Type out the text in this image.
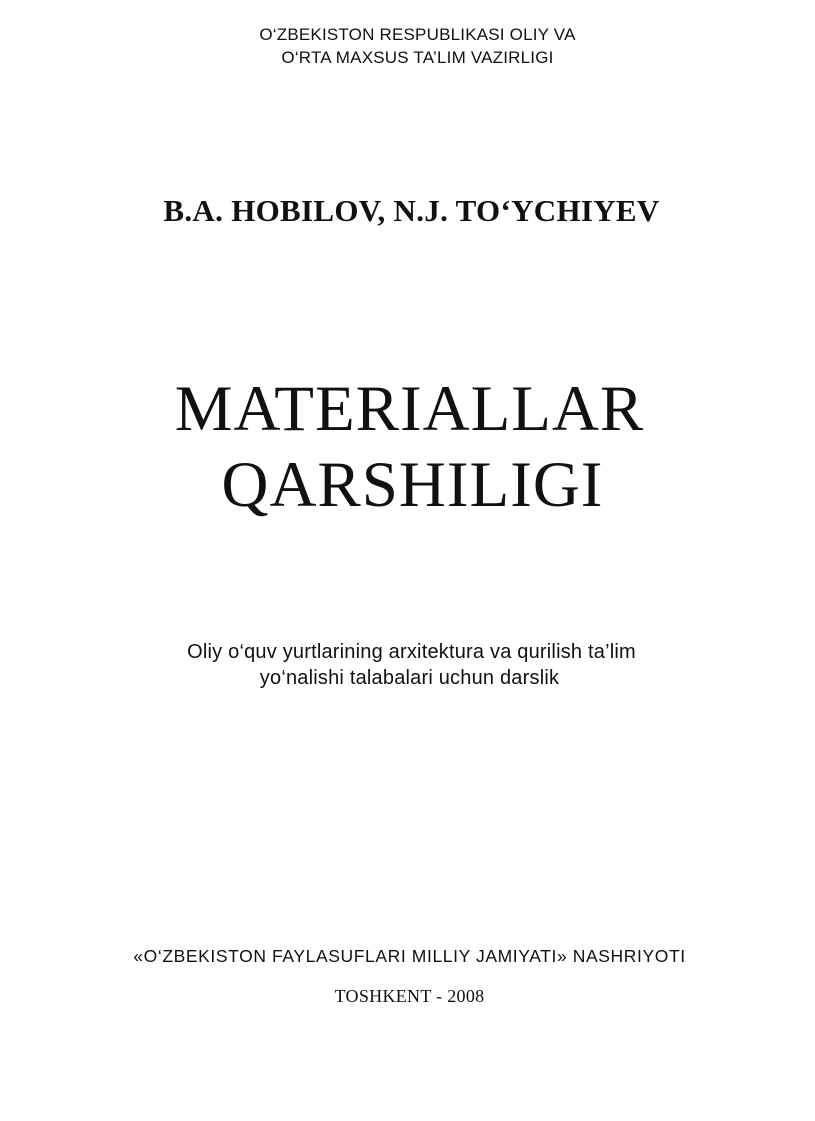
O‘ZBEKISTON RESPUBLIKASI OLIY VA
O‘RTA MAXSUS TA’LIM VAZIRLIGI
B.A. HOBILOV, N.J. TO‘YCHIYEV
MATERIALLAR
QARSHILIGI
Oliy o‘quv yurtlarining arxitektura va qurilish ta’lim
yo‘nalishi talabalari uchun darslik
«O‘ZBEKISTON FAYLASUFLARI MILLIY JAMIYATI» NASHRIYOTI
TOSHKENT - 2008
